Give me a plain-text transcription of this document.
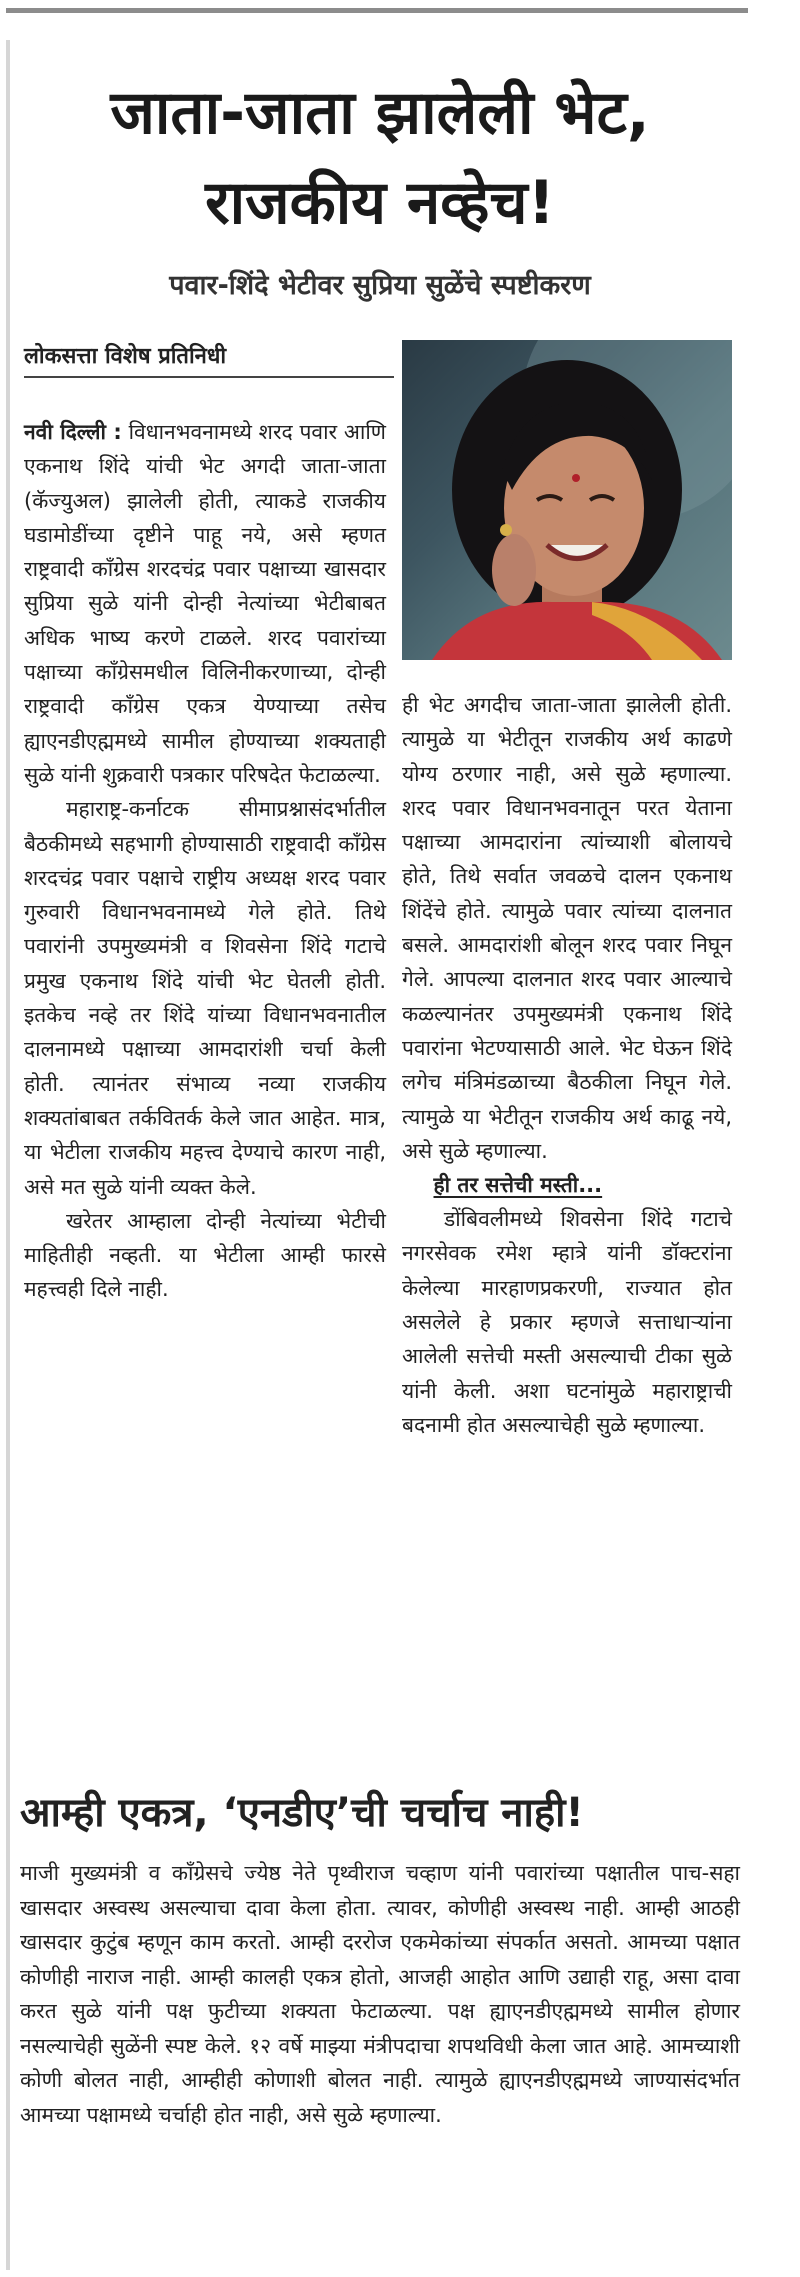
जाता-जाता झालेली भेट,
राजकीय नव्हेच!
पवार-शिंदे भेटीवर सुप्रिया सुळेंचे स्पष्टीकरण
लोकसत्ता विशेष प्रतिनिधी

नवी दिल्ली : विधानभवनामध्ये शरद पवार आणि एकनाथ शिंदे यांची भेट अगदी जाता-जाता (कॅज्युअल) झालेली होती, त्याकडे राजकीय घडामोडींच्या दृष्टीने पाहू नये, असे म्हणत राष्ट्रवादी काँग्रेस शरदचंद्र पवार पक्षाच्या खासदार सुप्रिया सुळे यांनी दोन्ही नेत्यांच्या भेटीबाबत अधिक भाष्य करणे टाळले. शरद पवारांच्या पक्षाच्या काँग्रेसमधील विलिनीकरणाच्या, दोन्ही राष्ट्रवादी काँग्रेस एकत्र येण्याच्या तसेच ह्याएनडीएह्ममध्ये सामील होण्याच्या शक्यताही सुळे यांनी शुक्रवारी पत्रकार परिषदेत फेटाळल्या.

महाराष्ट्र-कर्नाटक सीमाप्रश्नासंदर्भातील बैठकीमध्ये सहभागी होण्यासाठी राष्ट्रवादी काँग्रेस शरदचंद्र पवार पक्षाचे राष्ट्रीय अध्यक्ष शरद पवार गुरुवारी विधानभवनामध्ये गेले होते. तिथे पवारांनी उपमुख्यमंत्री व शिवसेना शिंदे गटाचे प्रमुख एकनाथ शिंदे यांची भेट घेतली होती. इतकेच नव्हे तर शिंदे यांच्या विधानभवनातील दालनामध्ये पक्षाच्या आमदारांशी चर्चा केली होती. त्यानंतर संभाव्य नव्या राजकीय शक्यतांबाबत तर्कवितर्क केले जात आहेत. मात्र, या भेटीला राजकीय महत्त्व देण्याचे कारण नाही, असे मत सुळे यांनी व्यक्त केले.

खरेतर आम्हाला दोन्ही नेत्यांच्या भेटीची माहितीही नव्हती. या भेटीला आम्ही फारसे महत्त्वही दिले नाही.

ही भेट अगदीच जाता-जाता झालेली होती. त्यामुळे या भेटीतून राजकीय अर्थ काढणे योग्य ठरणार नाही, असे सुळे म्हणाल्या. शरद पवार विधानभवनातून परत येताना पक्षाच्या आमदारांना त्यांच्याशी बोलायचे होते, तिथे सर्वात जवळचे दालन एकनाथ शिंदेंचे होते. त्यामुळे पवार त्यांच्या दालनात बसले. आमदारांशी बोलून शरद पवार निघून गेले. आपल्या दालनात शरद पवार आल्याचे कळल्यानंतर उपमुख्यमंत्री एकनाथ शिंदे पवारांना भेटण्यासाठी आले. भेट घेऊन शिंदे लगेच मंत्रिमंडळाच्या बैठकीला निघून गेले. त्यामुळे या भेटीतून राजकीय अर्थ काढू नये, असे सुळे म्हणाल्या.

ही तर सत्तेची मस्ती...

डोंबिवलीमध्ये शिवसेना शिंदे गटाचे नगरसेवक रमेश म्हात्रे यांनी डॉक्टरांना केलेल्या मारहाणप्रकरणी, राज्यात होत असलेले हे प्रकार म्हणजे सत्ताधाऱ्यांना आलेली सत्तेची मस्ती असल्याची टीका सुळे यांनी केली. अशा घटनांमुळे महाराष्ट्राची बदनामी होत असल्याचेही सुळे म्हणाल्या.

आम्ही एकत्र, ‘एनडीए’ची चर्चाच नाही!

माजी मुख्यमंत्री व काँग्रेसचे ज्येष्ठ नेते पृथ्वीराज चव्हाण यांनी पवारांच्या पक्षातील पाच-सहा खासदार अस्वस्थ असल्याचा दावा केला होता. त्यावर, कोणीही अस्वस्थ नाही. आम्ही आठही खासदार कुटुंब म्हणून काम करतो. आम्ही दररोज एकमेकांच्या संपर्कात असतो. आमच्या पक्षात कोणीही नाराज नाही. आम्ही कालही एकत्र होतो, आजही आहोत आणि उद्याही राहू, असा दावा करत सुळे यांनी पक्ष फुटीच्या शक्यता फेटाळल्या. पक्ष ह्याएनडीएह्ममध्ये सामील होणार नसल्याचेही सुळेंनी स्पष्ट केले. १२ वर्षे माझ्या मंत्रीपदाचा शपथविधी केला जात आहे. आमच्याशी कोणी बोलत नाही, आम्हीही कोणाशी बोलत नाही. त्यामुळे ह्याएनडीएह्ममध्ये जाण्यासंदर्भात आमच्या पक्षामध्ये चर्चाही होत नाही, असे सुळे म्हणाल्या.
